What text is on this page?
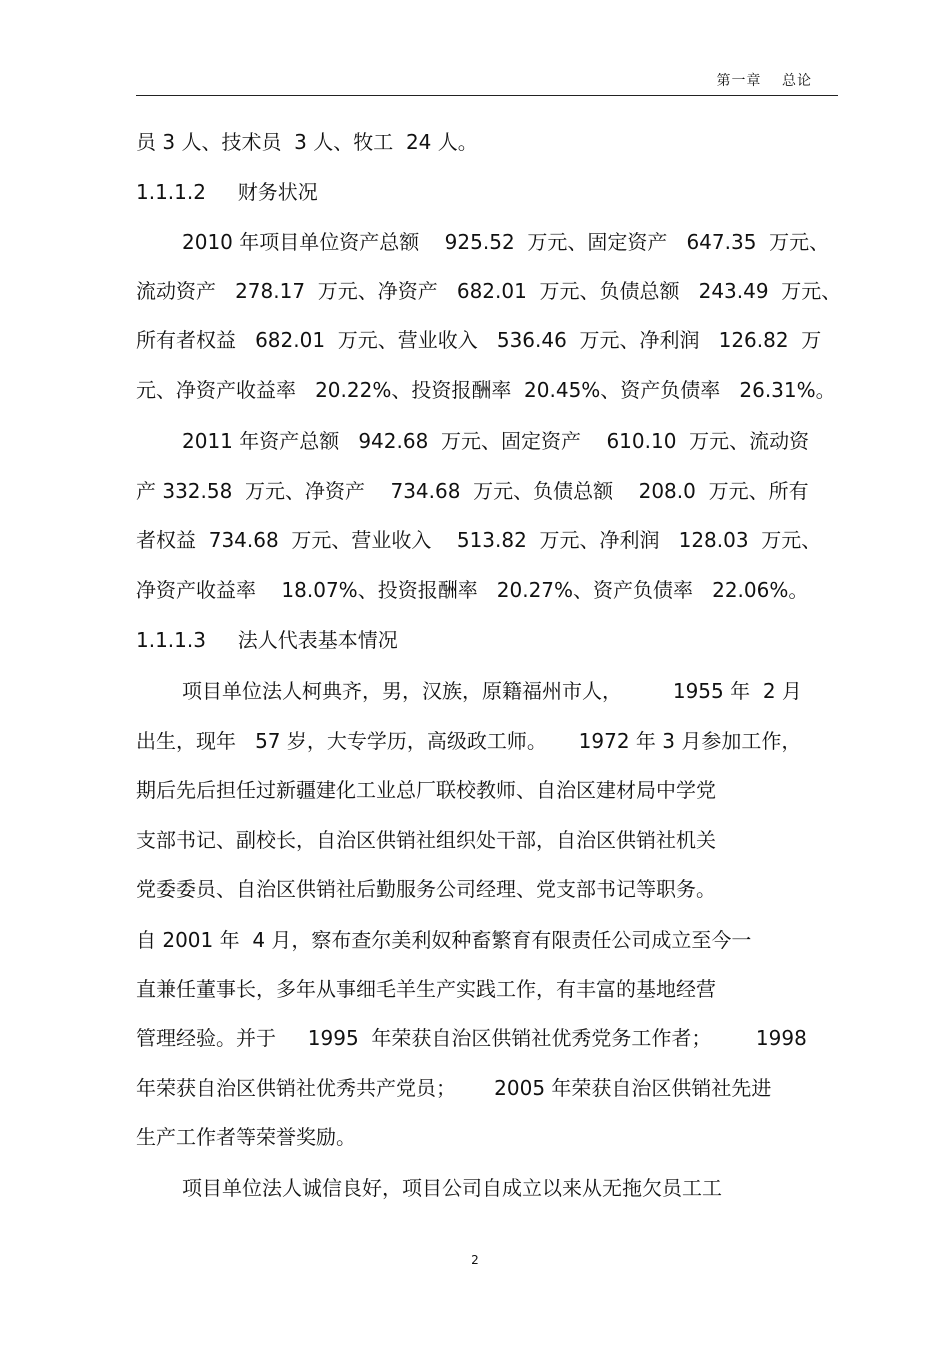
第一章　 总论
员 3 人、技术员  3 人、牧工  24 人。
1.1.1.2     财务状况
2010 年项目单位资产总额    925.52  万元、固定资产   647.35  万元、
流动资产   278.17  万元、净资产   682.01  万元、负债总额   243.49  万元、
所有者权益   682.01  万元、营业收入   536.46  万元、净利润   126.82  万
元、净资产收益率   20.22%、投资报酬率  20.45%、资产负债率   26.31%。
2011 年资产总额   942.68  万元、固定资产    610.10  万元、流动资
产 332.58  万元、净资产    734.68  万元、负债总额    208.0  万元、所有
者权益  734.68  万元、营业收入    513.82  万元、净利润   128.03  万元、
净资产收益率    18.07%、投资报酬率   20.27%、资产负债率   22.06%。
1.1.1.3     法人代表基本情况
项目单位法人柯典齐，男，汉族，原籍福州市人，        1955 年  2 月
出生，现年   57 岁，大专学历，高级政工师。     1972 年 3 月参加工作，
期后先后担任过新疆建化工业总厂联校教师、自治区建材局中学党
支部书记、副校长，自治区供销社组织处干部，自治区供销社机关
党委委员、自治区供销社后勤服务公司经理、党支部书记等职务。
自 2001 年  4 月，察布查尔美利奴种畜繁育有限责任公司成立至今一
直兼任董事长，多年从事细毛羊生产实践工作，有丰富的基地经营
管理经验。并于     1995  年荣获自治区供销社优秀党务工作者；       1998
年荣获自治区供销社优秀共产党员；      2005 年荣获自治区供销社先进
生产工作者等荣誉奖励。
项目单位法人诚信良好，项目公司自成立以来从无拖欠员工工
2
